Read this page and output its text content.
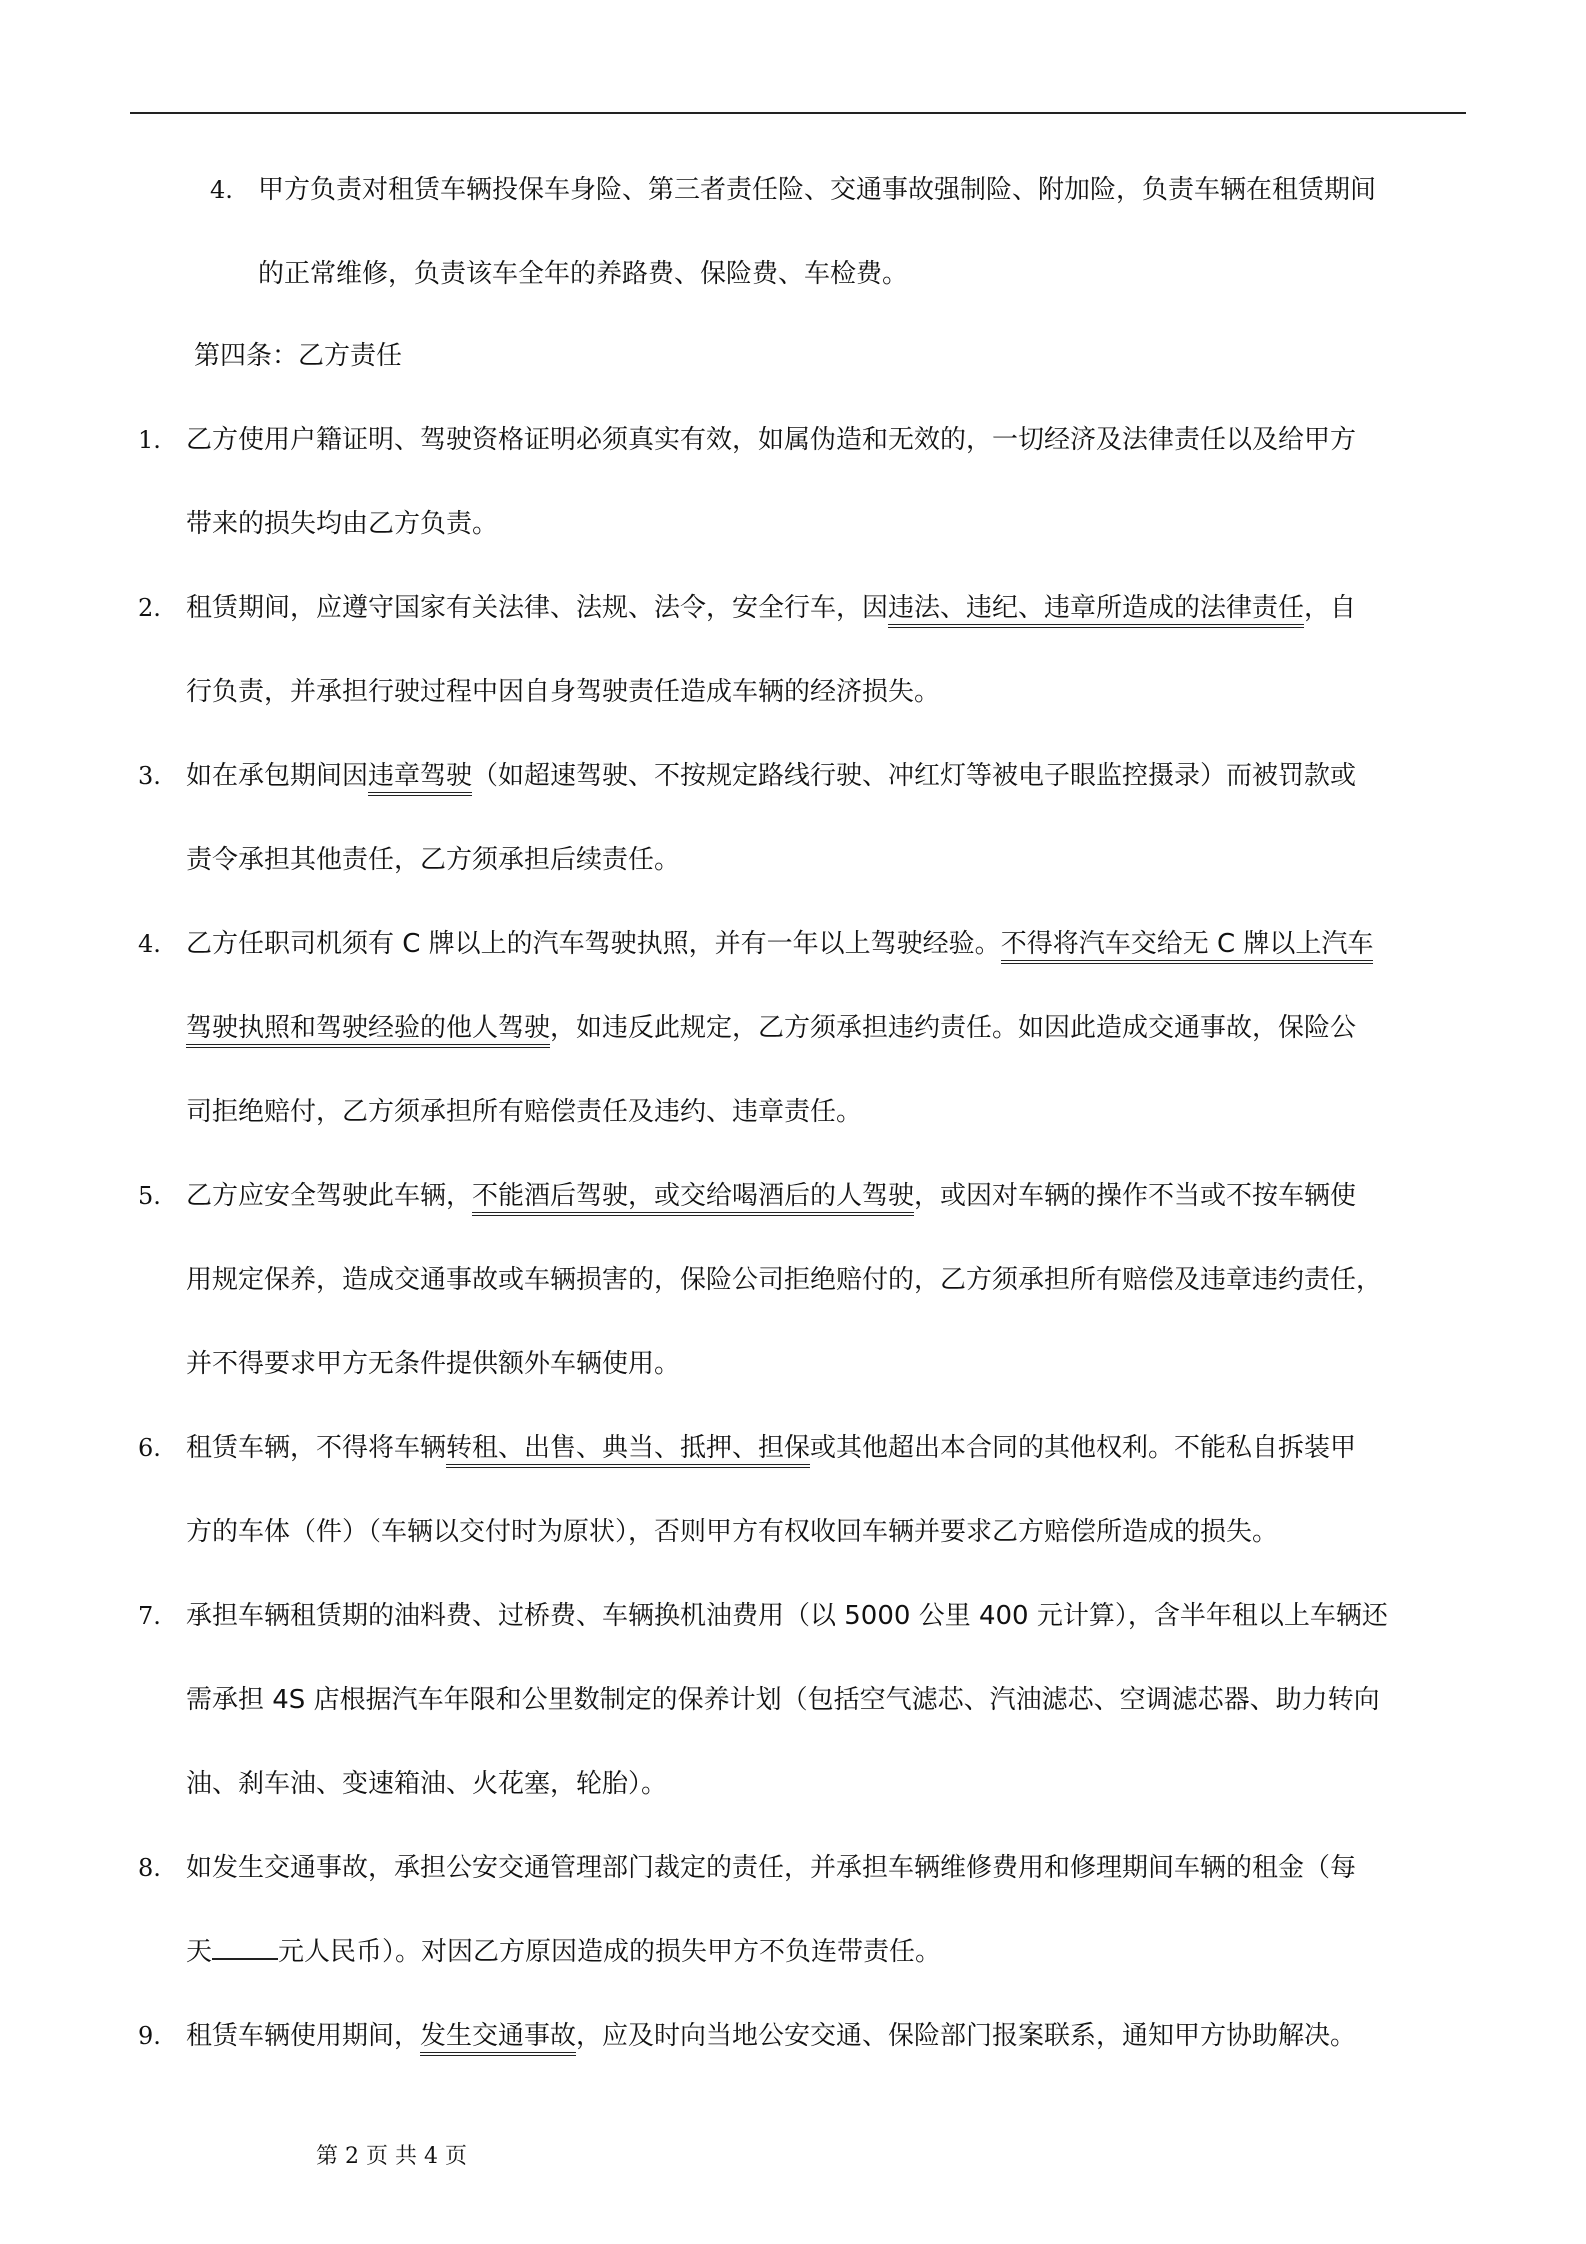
4. 甲方负责对租赁车辆投保车身险、第三者责任险、交通事故强制险、附加险，负责车辆在租赁期间
的正常维修，负责该车全年的养路费、保险费、车检费。
第四条：乙方责任
1. 乙方使用户籍证明、驾驶资格证明必须真实有效，如属伪造和无效的，一切经济及法律责任以及给甲方
带来的损失均由乙方负责。
2. 租赁期间，应遵守国家有关法律、法规、法令，安全行车，因违法、违纪、违章所造成的法律责任，自
行负责，并承担行驶过程中因自身驾驶责任造成车辆的经济损失。
3. 如在承包期间因违章驾驶（如超速驾驶、不按规定路线行驶、冲红灯等被电子眼监控摄录）而被罚款或
责令承担其他责任，乙方须承担后续责任。
4. 乙方任职司机须有 C 牌以上的汽车驾驶执照，并有一年以上驾驶经验。不得将汽车交给无 C 牌以上汽车
驾驶执照和驾驶经验的他人驾驶，如违反此规定，乙方须承担违约责任。如因此造成交通事故，保险公
司拒绝赔付，乙方须承担所有赔偿责任及违约、违章责任。
5. 乙方应安全驾驶此车辆，不能酒后驾驶，或交给喝酒后的人驾驶，或因对车辆的操作不当或不按车辆使
用规定保养，造成交通事故或车辆损害的，保险公司拒绝赔付的，乙方须承担所有赔偿及违章违约责任，
并不得要求甲方无条件提供额外车辆使用。
6. 租赁车辆，不得将车辆转租、出售、典当、抵押、担保或其他超出本合同的其他权利。不能私自拆装甲
方的车体（件）（车辆以交付时为原状），否则甲方有权收回车辆并要求乙方赔偿所造成的损失。
7. 承担车辆租赁期的油料费、过桥费、车辆换机油费用（以 5000 公里 400 元计算），含半年租以上车辆还
需承担 4S 店根据汽车年限和公里数制定的保养计划（包括空气滤芯、汽油滤芯、空调滤芯器、助力转向
油、刹车油、变速箱油、火花塞，轮胎）。
8. 如发生交通事故，承担公安交通管理部门裁定的责任，并承担车辆维修费用和修理期间车辆的租金（每
天	元人民币）。对因乙方原因造成的损失甲方不负连带责任。
9. 租赁车辆使用期间，发生交通事故，应及时向当地公安交通、保险部门报案联系，通知甲方协助解决。
第 2 页 共 4 页
